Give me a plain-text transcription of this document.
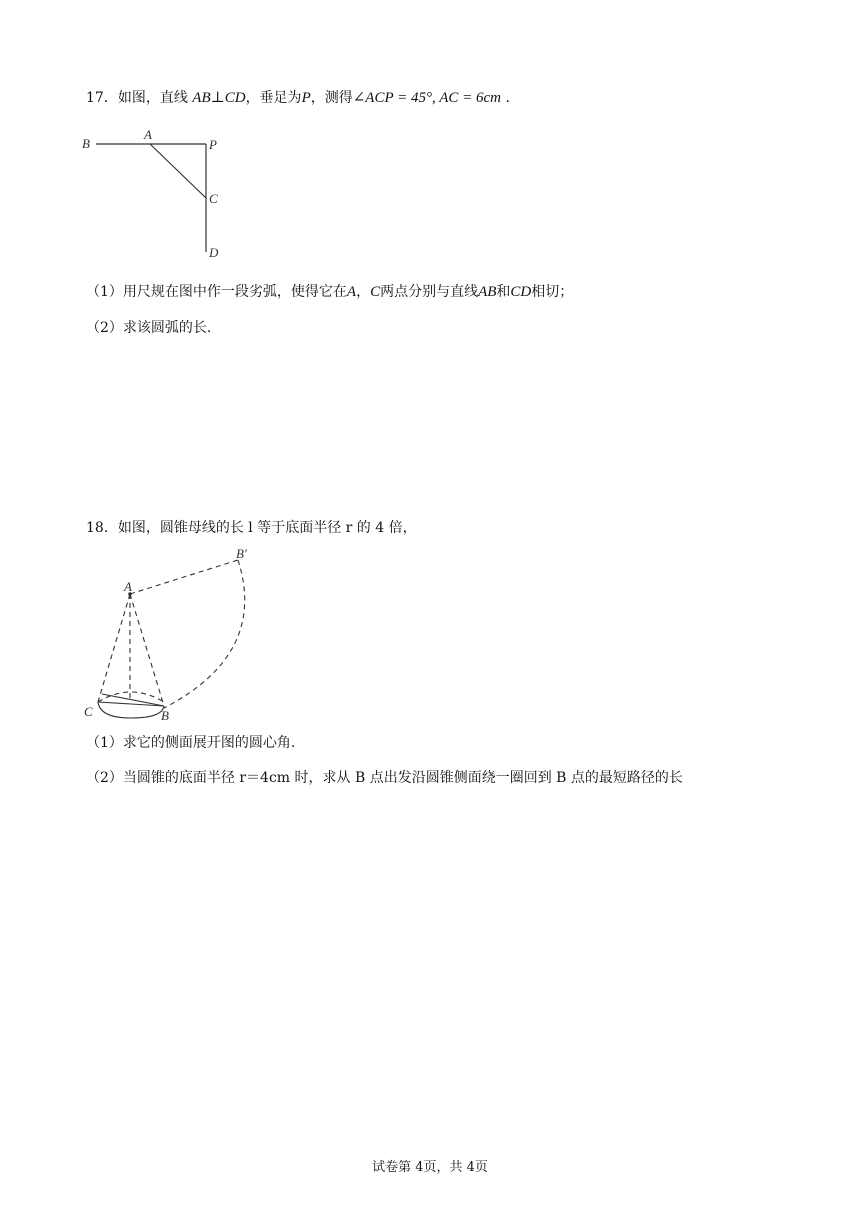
17．如图，直线 AB⊥CD，垂足为P，测得∠ACP = 45°, AC = 6cm .
B
A
P
C
D
（1）用尺规在图中作一段劣弧，使得它在A，C两点分别与直线AB和CD相切；
（2）求该圆弧的长.
18．如图，圆锥母线的长 l 等于底面半径 r 的 4 倍，
B′
A
C	B
（1）求它的侧面展开图的圆心角.
（2）当圆锥的底面半径 r＝4cm 时，求从 B 点出发沿圆锥侧面绕一圈回到 B 点的最短路径的长
试卷第 4页，共 4页
